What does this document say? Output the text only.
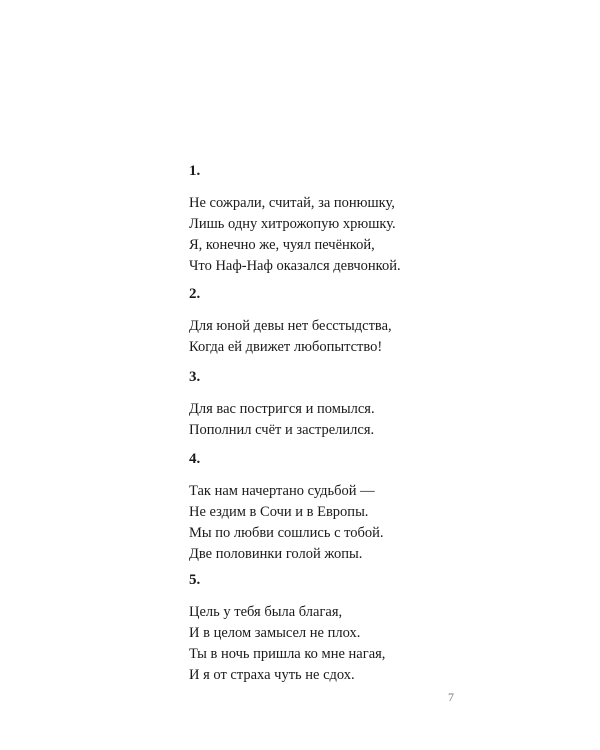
1.
Не сожрали, считай, за понюшку,
Лишь одну хитрожопую хрюшку.
Я, конечно же, чуял печёнкой,
Что Наф-Наф оказался девчонкой.
2.
Для юной девы нет бесстыдства,
Когда ей движет любопытство!
3.
Для вас постригся и помылся.
Пополнил счёт и застрелился.
4.
Так нам начертано судьбой —
Не ездим в Сочи и в Европы.
Мы по любви сошлись с тобой.
Две половинки голой жопы.
5.
Цель у тебя была благая,
И в целом замысел не плох.
Ты в ночь пришла ко мне нагая,
И я от страха чуть не сдох.
7
